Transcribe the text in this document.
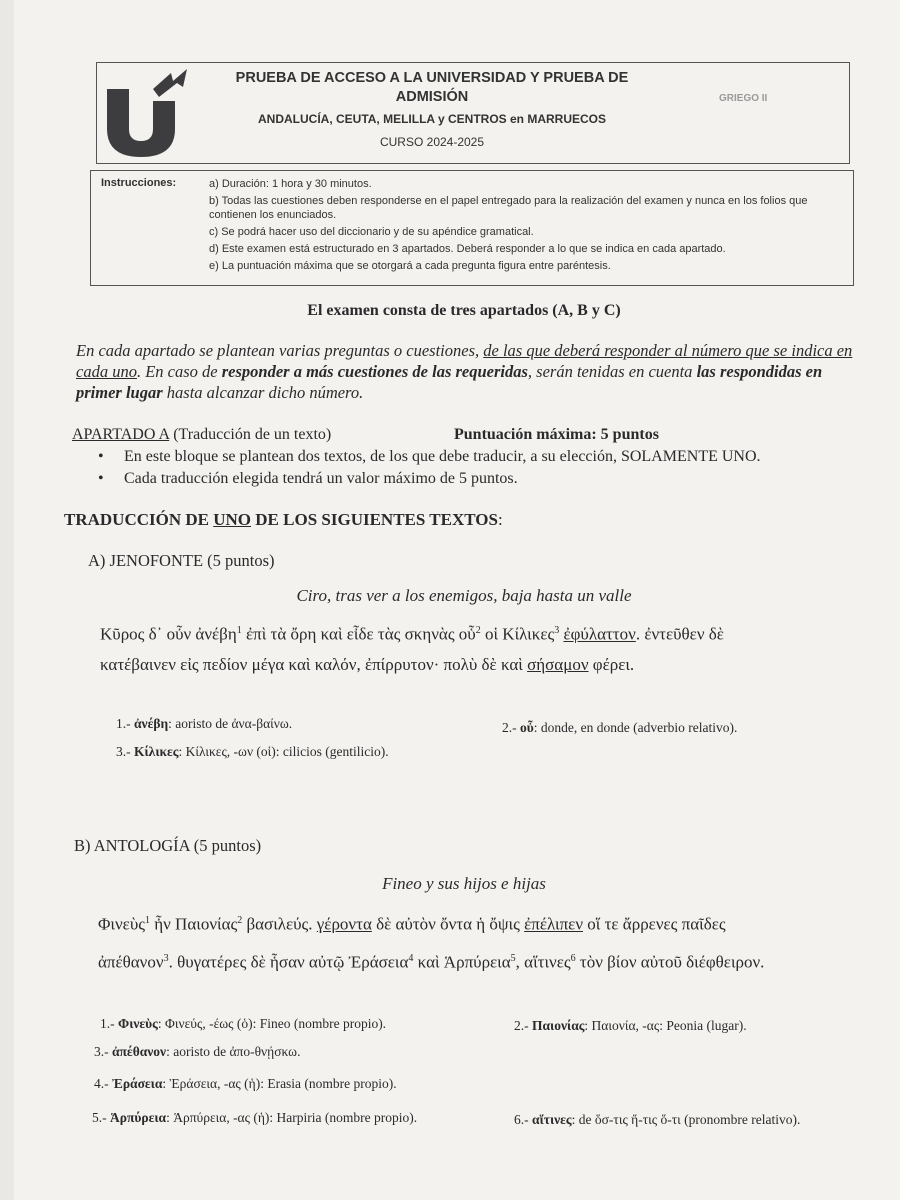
PRUEBA DE ACCESO A LA UNIVERSIDAD Y PRUEBA DE
ADMISIÓN
ANDALUCÍA, CEUTA, MELILLA y CENTROS en MARRUECOS
CURSO 2024-2025
GRIEGO II
Instrucciones:	a) Duración: 1 hora y 30 minutos.
b) Todas las cuestiones deben responderse en el papel entregado para la realización del examen y nunca en los folios que contienen los enunciados.
c) Se podrá hacer uso del diccionario y de su apéndice gramatical.
d) Este examen está estructurado en 3 apartados. Deberá responder a lo que se indica en cada apartado.
e) La puntuación máxima que se otorgará a cada pregunta figura entre paréntesis.
El examen consta de tres apartados (A, B y C)
En cada apartado se plantean varias preguntas o cuestiones, de las que deberá responder al número que se indica en cada uno. En caso de responder a más cuestiones de las requeridas, serán tenidas en cuenta las respondidas en primer lugar hasta alcanzar dicho número.
APARTADO A (Traducción de un texto)	Puntuación máxima: 5 puntos
• En este bloque se plantean dos textos, de los que debe traducir, a su elección, SOLAMENTE UNO.
• Cada traducción elegida tendrá un valor máximo de 5 puntos.
TRADUCCIÓN DE UNO DE LOS SIGUIENTES TEXTOS:
A) JENOFONTE (5 puntos)
Ciro, tras ver a los enemigos, baja hasta un valle
Κῦρος δ᾽ οὖν ἀνέβη$^1$ ἐπὶ τὰ ὄρη καὶ εἶδε τὰς σκηνὰς οὗ$^2$ οἱ Κίλικες$^3$ ἐφύλαττον. ἐντεῦθεν δὲ
κατέβαινεν εἰς πεδίον μέγα καὶ καλόν, ἐπίρρυτον· πολὺ δὲ καὶ σήσαμον φέρει.
1.- ἀνέβη: aoristo de ἀνα-βαίνω.	2.- οὗ: donde, en donde (adverbio relativo).
3.- Κίλικες: Κίλικες, -ων (οἱ): cilicios (gentilicio).
B) ANTOLOGÍA (5 puntos)
Fineo y sus hijos e hijas
Φινεὺς$^1$ ἦν Παιονίας$^2$ βασιλεύς. γέροντα δὲ αὐτὸν ὄντα ἡ ὄψις ἐπέλιπεν οἵ τε ἄρρενες παῖδες
ἀπέθανον$^3$. θυγατέρες δὲ ἦσαν αὐτῷ Ἐράσεια$^4$ καὶ Ἁρπύρεια$^5$, αἵτινες$^6$ τὸν βίον αὐτοῦ διέφθειρον.
1.- Φινεὺς: Φινεύς, -έως (ὁ): Fineo (nombre propio).	2.- Παιονίας: Παιονία, -ας: Peonia (lugar).
3.- ἀπέθανον: aoristo de ἀπο-θνῄσκω.
4.- Ἐράσεια: Ἐράσεια, -ας (ἡ): Erasia (nombre propio).
5.- Ἁρπύρεια: Ἁρπύρεια, -ας (ἡ): Harpiria (nombre propio).	6.- αἵτινες: de ὅσ-τις ἥ-τις ὅ-τι (pronombre relativo).
